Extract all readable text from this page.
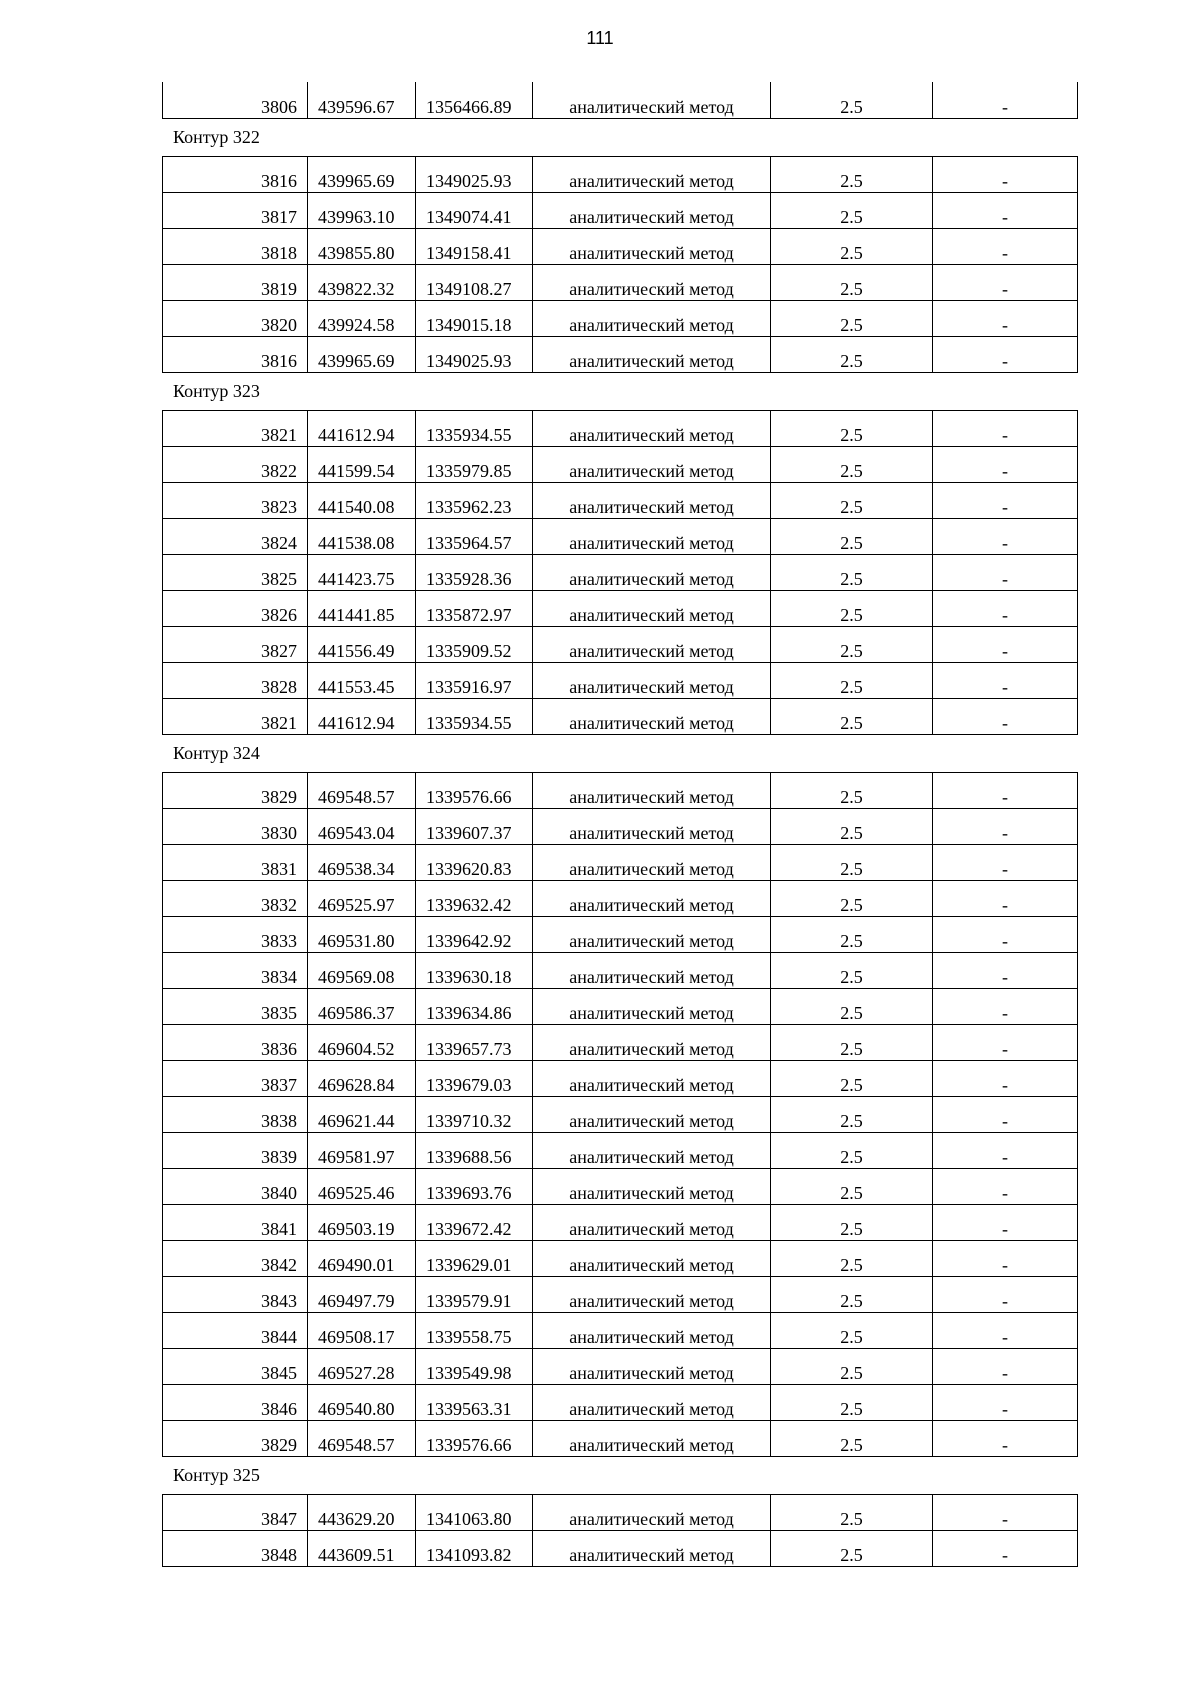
111
3806	439596.67	1356466.89	аналитический метод	2.5	-
Контур 322
3816	439965.69	1349025.93	аналитический метод	2.5	-
3817	439963.10	1349074.41	аналитический метод	2.5	-
3818	439855.80	1349158.41	аналитический метод	2.5	-
3819	439822.32	1349108.27	аналитический метод	2.5	-
3820	439924.58	1349015.18	аналитический метод	2.5	-
3816	439965.69	1349025.93	аналитический метод	2.5	-
Контур 323
3821	441612.94	1335934.55	аналитический метод	2.5	-
3822	441599.54	1335979.85	аналитический метод	2.5	-
3823	441540.08	1335962.23	аналитический метод	2.5	-
3824	441538.08	1335964.57	аналитический метод	2.5	-
3825	441423.75	1335928.36	аналитический метод	2.5	-
3826	441441.85	1335872.97	аналитический метод	2.5	-
3827	441556.49	1335909.52	аналитический метод	2.5	-
3828	441553.45	1335916.97	аналитический метод	2.5	-
3821	441612.94	1335934.55	аналитический метод	2.5	-
Контур 324
3829	469548.57	1339576.66	аналитический метод	2.5	-
3830	469543.04	1339607.37	аналитический метод	2.5	-
3831	469538.34	1339620.83	аналитический метод	2.5	-
3832	469525.97	1339632.42	аналитический метод	2.5	-
3833	469531.80	1339642.92	аналитический метод	2.5	-
3834	469569.08	1339630.18	аналитический метод	2.5	-
3835	469586.37	1339634.86	аналитический метод	2.5	-
3836	469604.52	1339657.73	аналитический метод	2.5	-
3837	469628.84	1339679.03	аналитический метод	2.5	-
3838	469621.44	1339710.32	аналитический метод	2.5	-
3839	469581.97	1339688.56	аналитический метод	2.5	-
3840	469525.46	1339693.76	аналитический метод	2.5	-
3841	469503.19	1339672.42	аналитический метод	2.5	-
3842	469490.01	1339629.01	аналитический метод	2.5	-
3843	469497.79	1339579.91	аналитический метод	2.5	-
3844	469508.17	1339558.75	аналитический метод	2.5	-
3845	469527.28	1339549.98	аналитический метод	2.5	-
3846	469540.80	1339563.31	аналитический метод	2.5	-
3829	469548.57	1339576.66	аналитический метод	2.5	-
Контур 325
3847	443629.20	1341063.80	аналитический метод	2.5	-
3848	443609.51	1341093.82	аналитический метод	2.5	-
